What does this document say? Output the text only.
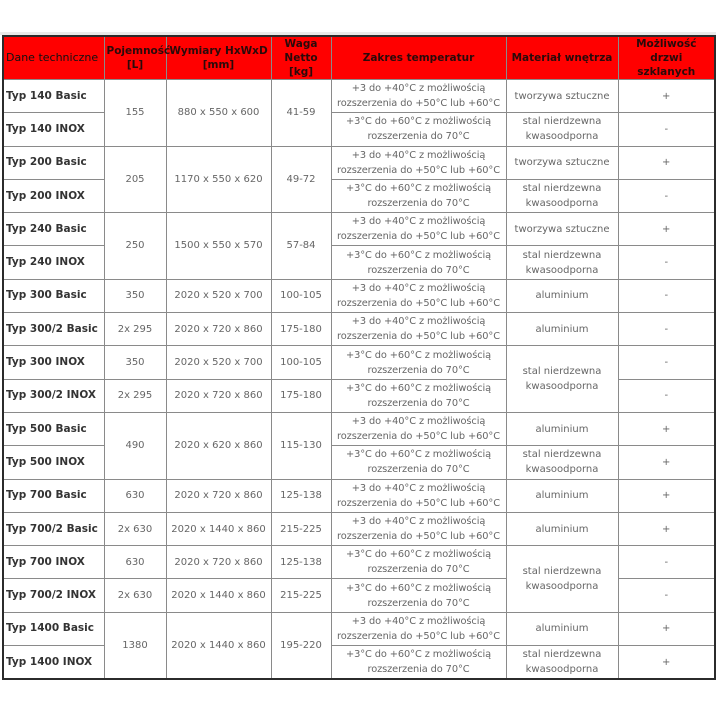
Dane techniczne	Pojemność [L]	Wymiary HxWxD [mm]	Waga Netto [kg]	Zakres temperatur	Materiał wnętrza	Możliwość drzwi szklanych
Typ 140 Basic	155	880 x 550 x 600	41-59	+3 do +40°C z możliwością rozszerzenia do +50°C lub +60°C	tworzywa sztuczne	+
Typ 140 INOX				+3°C do +60°C z możliwością rozszerzenia do 70°C	stal nierdzewna kwasoodporna	-
Typ 200 Basic	205	1170 x 550 x 620	49-72	+3 do +40°C z możliwością rozszerzenia do +50°C lub +60°C	tworzywa sztuczne	+
Typ 200 INOX				+3°C do +60°C z możliwością rozszerzenia do 70°C	stal nierdzewna kwasoodporna	-
Typ 240 Basic	250	1500 x 550 x 570	57-84	+3 do +40°C z możliwością rozszerzenia do +50°C lub +60°C	tworzywa sztuczne	+
Typ 240 INOX				+3°C do +60°C z możliwością rozszerzenia do 70°C	stal nierdzewna kwasoodporna	-
Typ 300 Basic	350	2020 x 520 x 700	100-105	+3 do +40°C z możliwością rozszerzenia do +50°C lub +60°C	aluminium	-
Typ 300/2 Basic	2x 295	2020 x 720 x 860	175-180	+3 do +40°C z możliwością rozszerzenia do +50°C lub +60°C	aluminium	-
Typ 300 INOX	350	2020 x 520 x 700	100-105	+3°C do +60°C z możliwością rozszerzenia do 70°C	stal nierdzewna kwasoodporna	-
Typ 300/2 INOX	2x 295	2020 x 720 x 860	175-180	+3°C do +60°C z możliwością rozszerzenia do 70°C		-
Typ 500 Basic	490	2020 x 620 x 860	115-130	+3 do +40°C z możliwością rozszerzenia do +50°C lub +60°C	aluminium	+
Typ 500 INOX				+3°C do +60°C z możliwością rozszerzenia do 70°C	stal nierdzewna kwasoodporna	+
Typ 700 Basic	630	2020 x 720 x 860	125-138	+3 do +40°C z możliwością rozszerzenia do +50°C lub +60°C	aluminium	+
Typ 700/2 Basic	2x 630	2020 x 1440 x 860	215-225	+3 do +40°C z możliwością rozszerzenia do +50°C lub +60°C	aluminium	+
Typ 700 INOX	630	2020 x 720 x 860	125-138	+3°C do +60°C z możliwością rozszerzenia do 70°C	stal nierdzewna kwasoodporna	-
Typ 700/2 INOX	2x 630	2020 x 1440 x 860	215-225	+3°C do +60°C z możliwością rozszerzenia do 70°C		-
Typ 1400 Basic	1380	2020 x 1440 x 860	195-220	+3 do +40°C z możliwością rozszerzenia do +50°C lub +60°C	aluminium	+
Typ 1400 INOX				+3°C do +60°C z możliwością rozszerzenia do 70°C	stal nierdzewna kwasoodporna	+
